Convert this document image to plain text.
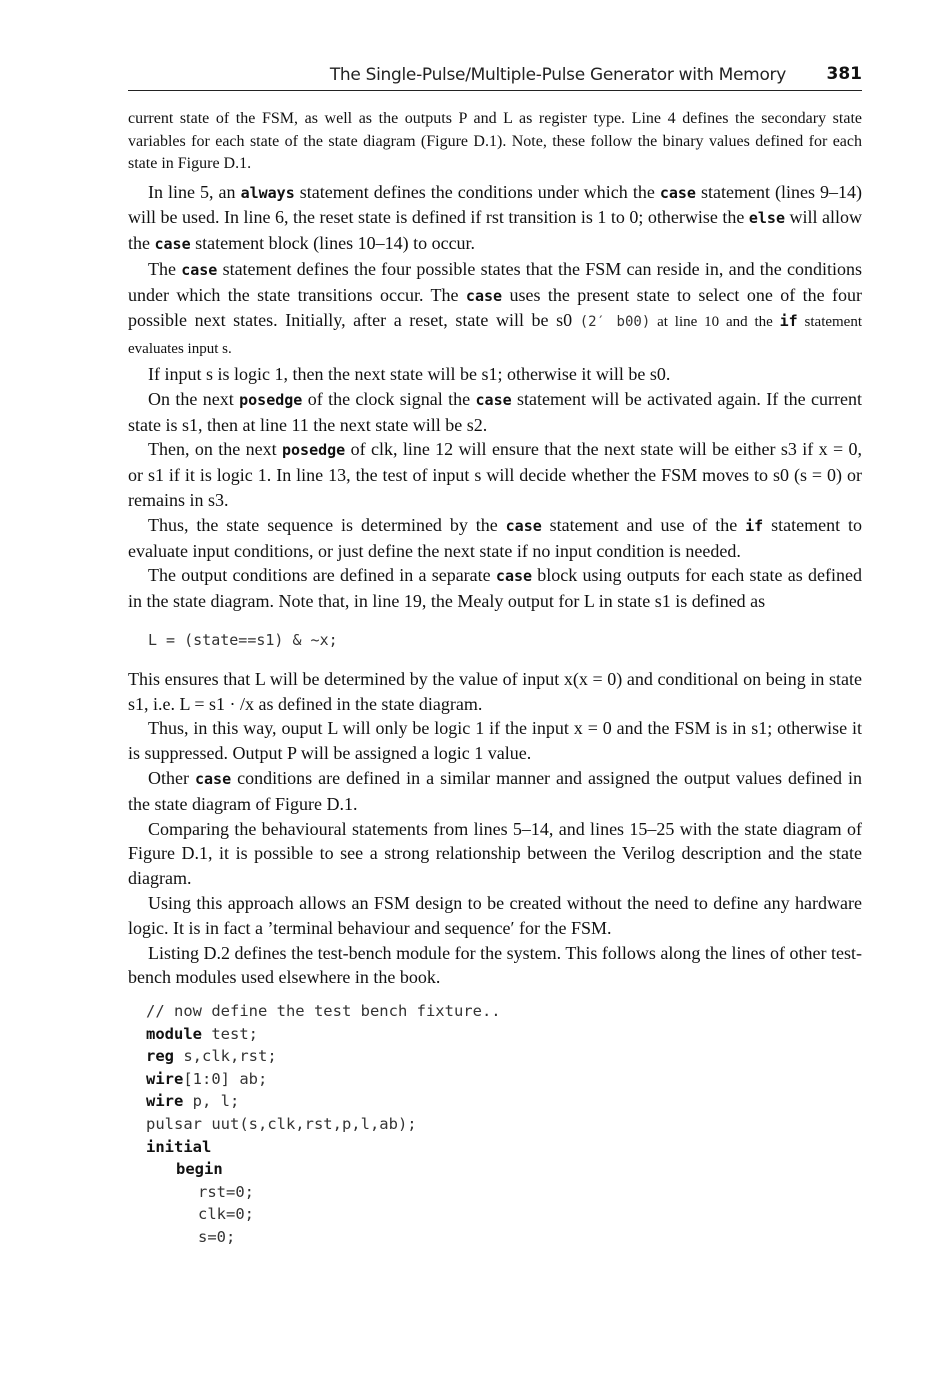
The Single-Pulse/Multiple-Pulse Generator with Memory 381

current state of the FSM, as well as the outputs P and L as register type. Line 4 defines the secondary state variables for each state of the state diagram (Figure D.1). Note, these follow the binary values defined for each state in Figure D.1.

In line 5, an always statement defines the conditions under which the case statement (lines 9–14) will be used. In line 6, the reset state is defined if rst transition is 1 to 0; otherwise the else will allow the case statement block (lines 10–14) to occur.

The case statement defines the four possible states that the FSM can reside in, and the conditions under which the state transitions occur. The case uses the present state to select one of the four possible next states. Initially, after a reset, state will be s0 (2′ b00) at line 10 and the if statement evaluates input s.

If input s is logic 1, then the next state will be s1; otherwise it will be s0.

On the next posedge of the clock signal the case statement will be activated again. If the current state is s1, then at line 11 the next state will be s2.

Then, on the next posedge of clk, line 12 will ensure that the next state will be either s3 if x = 0, or s1 if it is logic 1. In line 13, the test of input s will decide whether the FSM moves to s0 (s = 0) or remains in s3.

Thus, the state sequence is determined by the case statement and use of the if statement to evaluate input conditions, or just define the next state if no input condition is needed.

The output conditions are defined in a separate case block using outputs for each state as defined in the state diagram. Note that, in line 19, the Mealy output for L in state s1 is defined as

L = (state==s1) & ~x;

This ensures that L will be determined by the value of input x(x = 0) and conditional on being in state s1, i.e. L = s1 · /x as defined in the state diagram.

Thus, in this way, ouput L will only be logic 1 if the input x = 0 and the FSM is in s1; otherwise it is suppressed. Output P will be assigned a logic 1 value.

Other case conditions are defined in a similar manner and assigned the output values defined in the state diagram of Figure D.1.

Comparing the behavioural statements from lines 5–14, and lines 15–25 with the state diagram of Figure D.1, it is possible to see a strong relationship between the Verilog description and the state diagram.

Using this approach allows an FSM design to be created without the need to define any hardware logic. It is in fact a ’terminal behaviour and sequence′ for the FSM.

Listing D.2 defines the test-bench module for the system. This follows along the lines of other test-bench modules used elsewhere in the book.

// now define the test bench fixture..
module test;
reg s,clk,rst;
wire[1:0] ab;
wire p, l;
pulsar uut(s,clk,rst,p,l,ab);
initial
begin
rst=0;
clk=0;
s=0;
